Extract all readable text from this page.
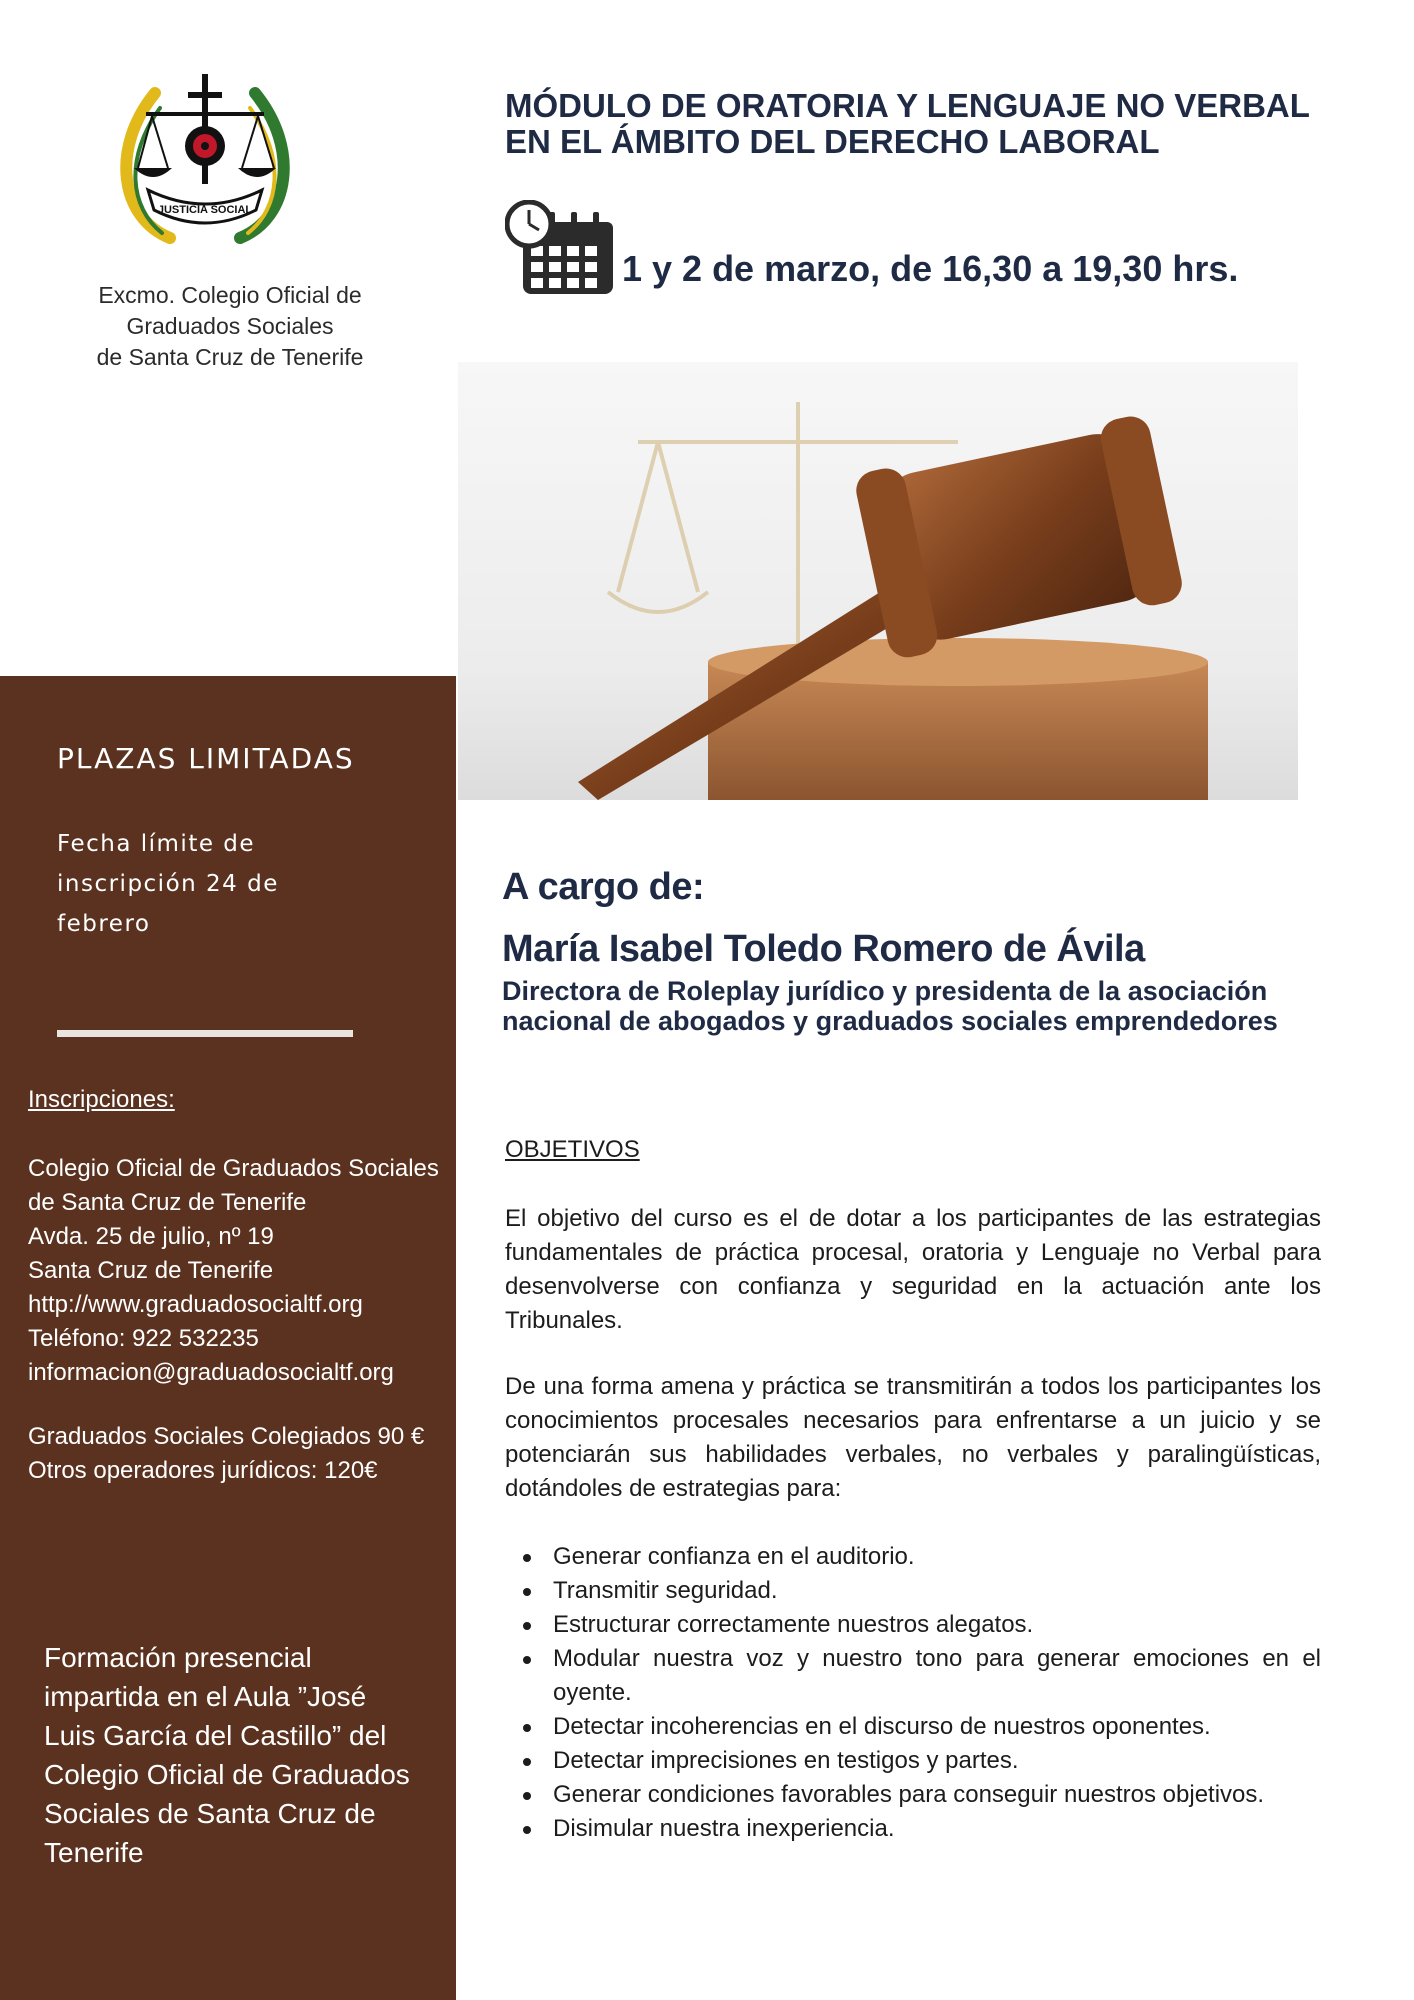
JUSTICIA SOCIAL
Excmo. Colegio Oficial de
Graduados Sociales
de Santa Cruz de Tenerife
MÓDULO DE ORATORIA Y LENGUAJE NO VERBAL
EN EL ÁMBITO DEL DERECHO LABORAL
1 y 2 de marzo, de 16,30 a 19,30 hrs.
PLAZAS LIMITADAS
Fecha límite de inscripción 24 de febrero
Inscripciones:
Colegio Oficial de Graduados Sociales
de Santa Cruz de Tenerife
Avda. 25 de julio, nº 19
Santa Cruz de Tenerife
http://www.graduadosocialtf.org
Teléfono: 922 532235
informacion@graduadosocialtf.org
Graduados Sociales Colegiados 90 €
Otros operadores jurídicos: 120€
Formación presencial impartida en el Aula ”José Luis García del Castillo” del Colegio Oficial de Graduados Sociales de Santa Cruz de Tenerife
A cargo de:
María Isabel Toledo Romero de Ávila
Directora de Roleplay jurídico y presidenta de la asociación
nacional de abogados y graduados sociales emprendedores
OBJETIVOS

El objetivo del curso es el de dotar a los participantes de las estrategias fundamentales de práctica procesal, oratoria y Lenguaje no Verbal para desenvolverse con confianza y seguridad en la actuación ante los Tribunales.

De una forma amena y práctica se transmitirán a todos los participantes los conocimientos procesales necesarios para enfrentarse a un juicio y se potenciarán sus habilidades verbales, no verbales y paralingüísticas, dotándoles de estrategias para:

Generar confianza en el auditorio.
Transmitir seguridad.
Estructurar correctamente nuestros alegatos.
Modular nuestra voz y nuestro tono para generar emociones en el oyente.
Detectar incoherencias en el discurso de nuestros oponentes.
Detectar imprecisiones en testigos y partes.
Generar condiciones favorables para conseguir nuestros objetivos.
Disimular nuestra inexperiencia.
